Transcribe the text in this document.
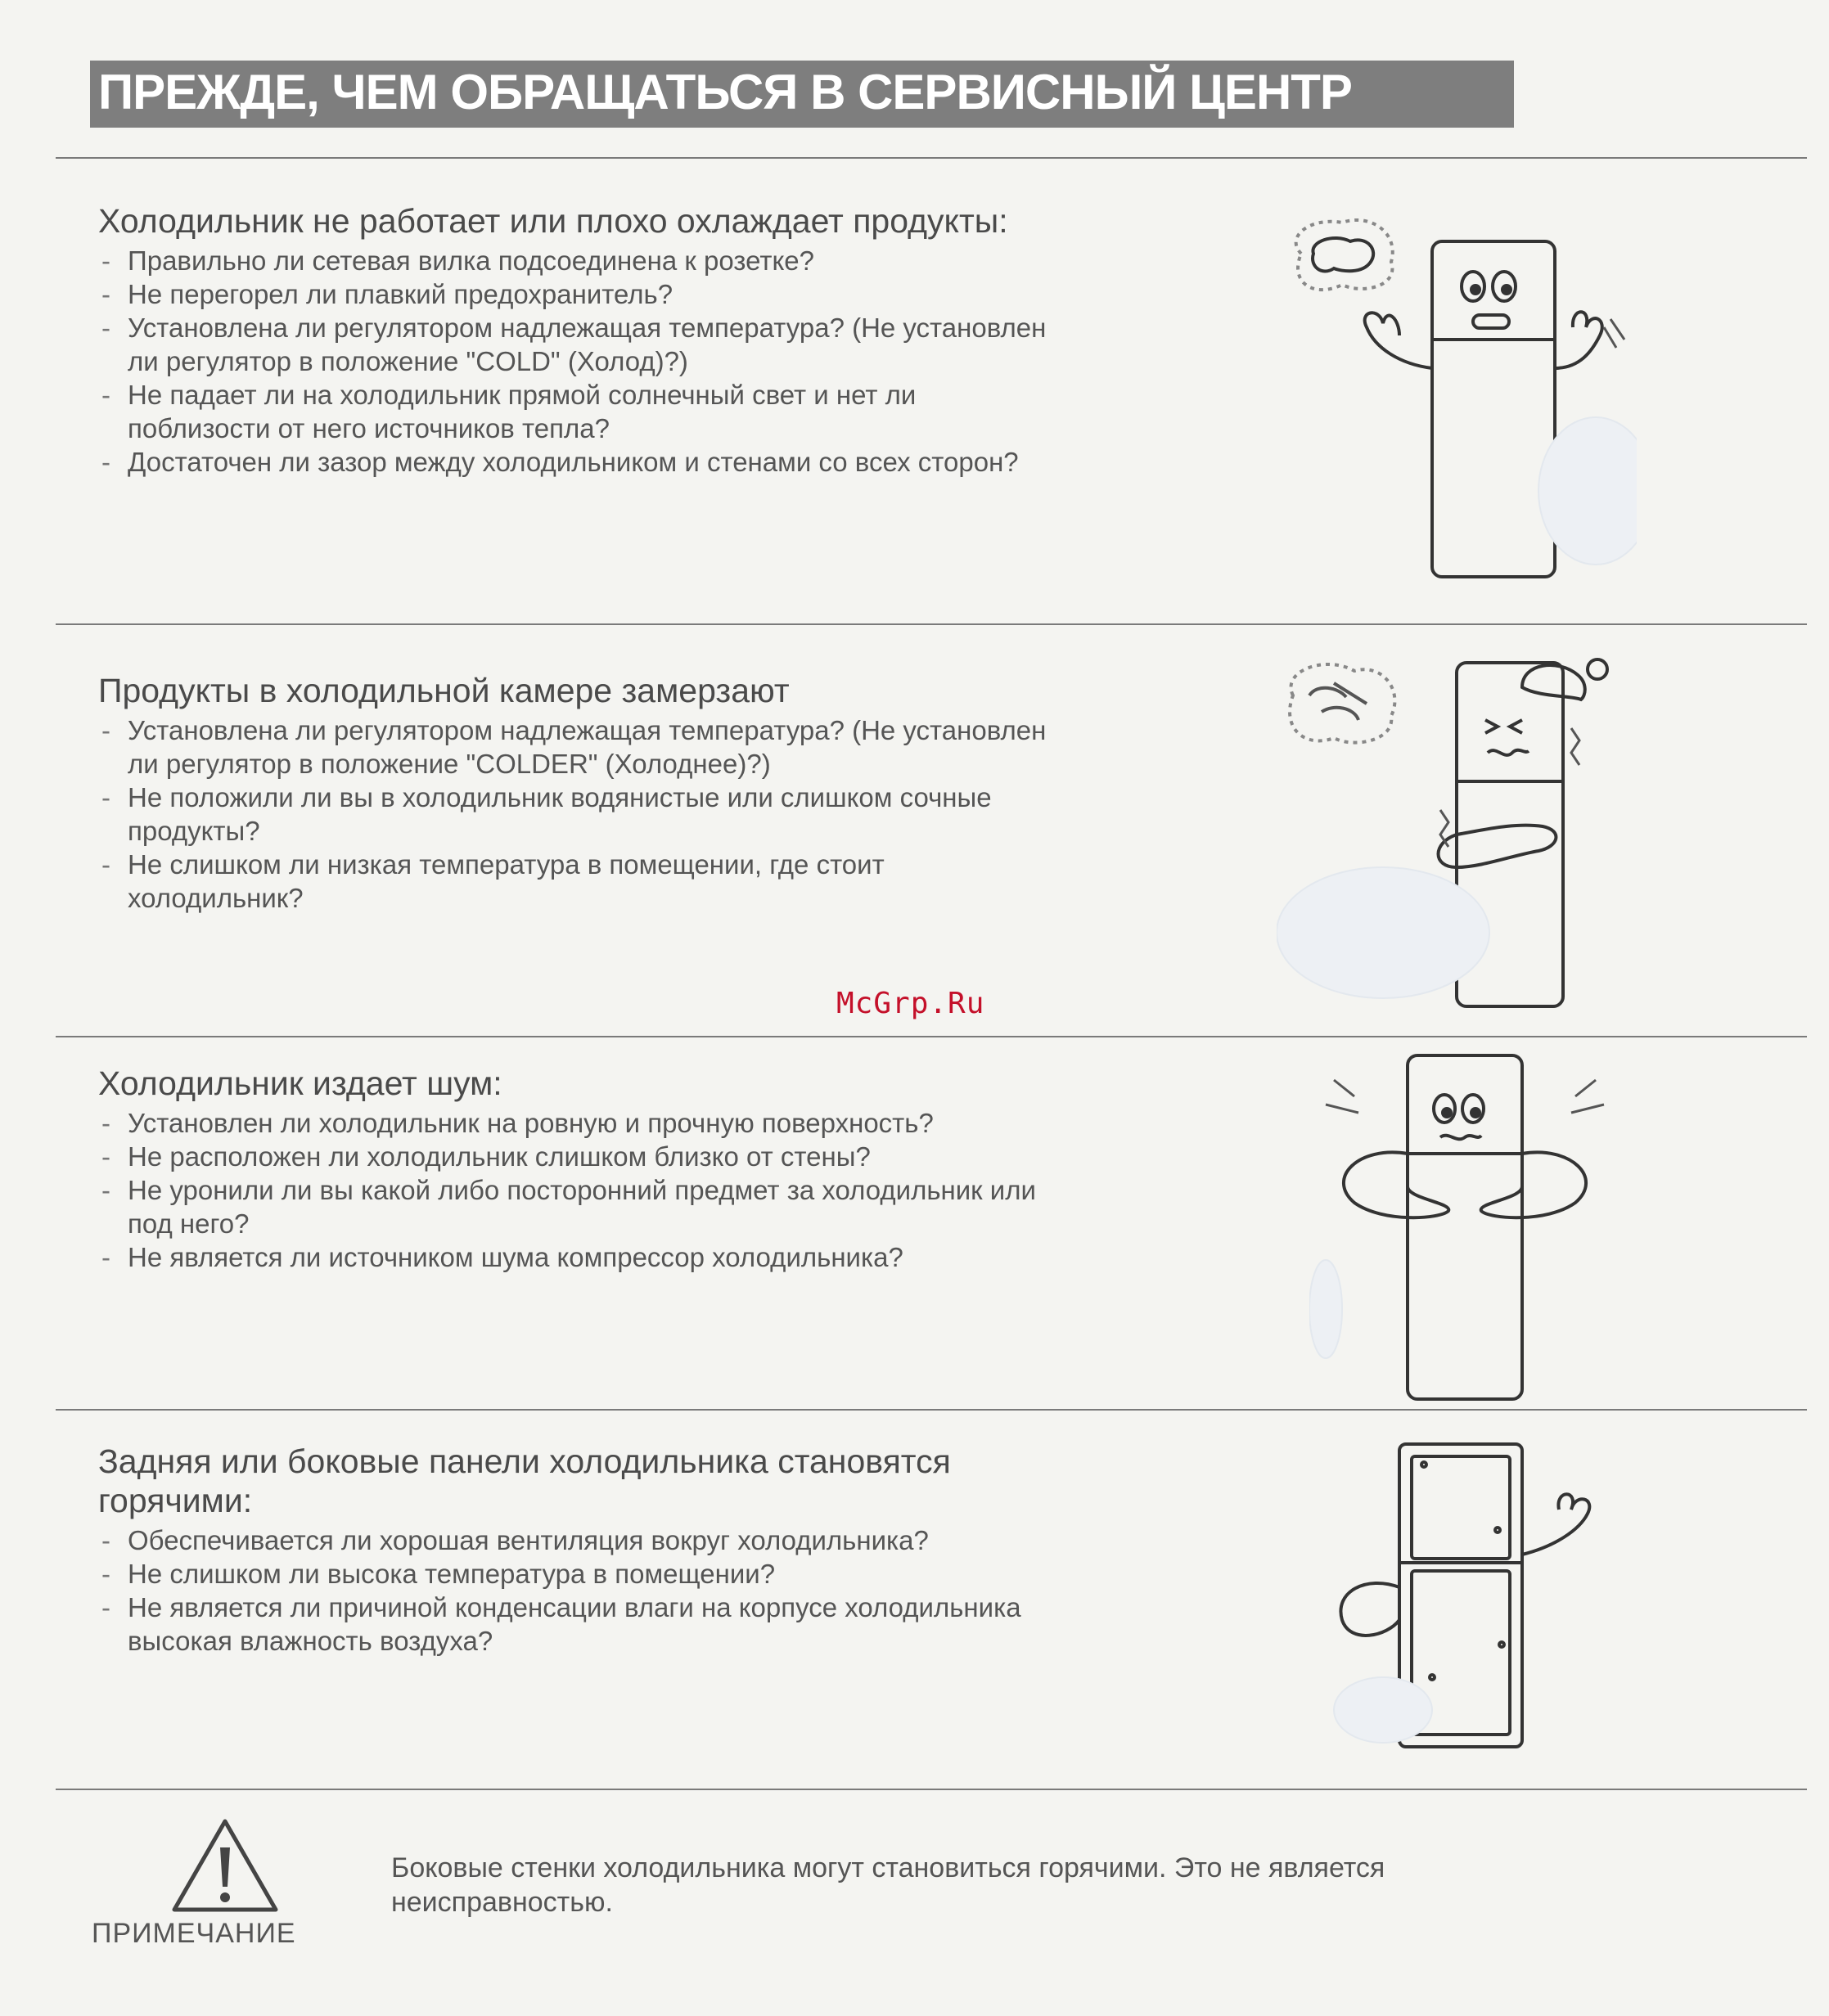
ПРЕЖДЕ, ЧЕМ ОБРАЩАТЬСЯ В СЕРВИСНЫЙ ЦЕНТР
Холодильник не работает или плохо охлаждает продукты:
- Правильно ли сетевая вилка подсоединена к розетке?
- Не перегорел ли плавкий предохранитель?
- Установлена ли регулятором надлежащая температура? (Не установлен ли регулятор в положение "COLD" (Холод)?)
- Не падает ли на холодильник прямой солнечный свет и нет ли поблизости от него источников тепла?
- Достаточен ли зазор между холодильником и стенами со всех сторон?
Продукты в холодильной камере замерзают
- Установлена ли регулятором надлежащая температура? (Не установлен ли регулятор в положение "COLDER" (Холоднее)?)
- Не положили ли вы в холодильник водянистые или слишком сочные продукты?
- Не слишком ли низкая температура в помещении, где стоит холодильник?
McGrp.Ru
Холодильник издает шум:
- Установлен ли холодильник на ровную и прочную поверхность?
- Не расположен ли холодильник слишком близко от стены?
- Не уронили ли вы какой либо посторонний предмет за холодильник или под него?
- Не является ли источником шума компрессор холодильника?
Задняя или боковые панели холодильника становятся горячими:
- Обеспечивается ли хорошая вентиляция вокруг холодильника?
- Не слишком ли высока температура в помещении?
- Не является ли причиной конденсации влаги на корпусе холодильника высокая влажность воздуха?
ПРИМЕЧАНИЕ
Боковые стенки холодильника могут становиться горячими. Это не является неисправностью.
